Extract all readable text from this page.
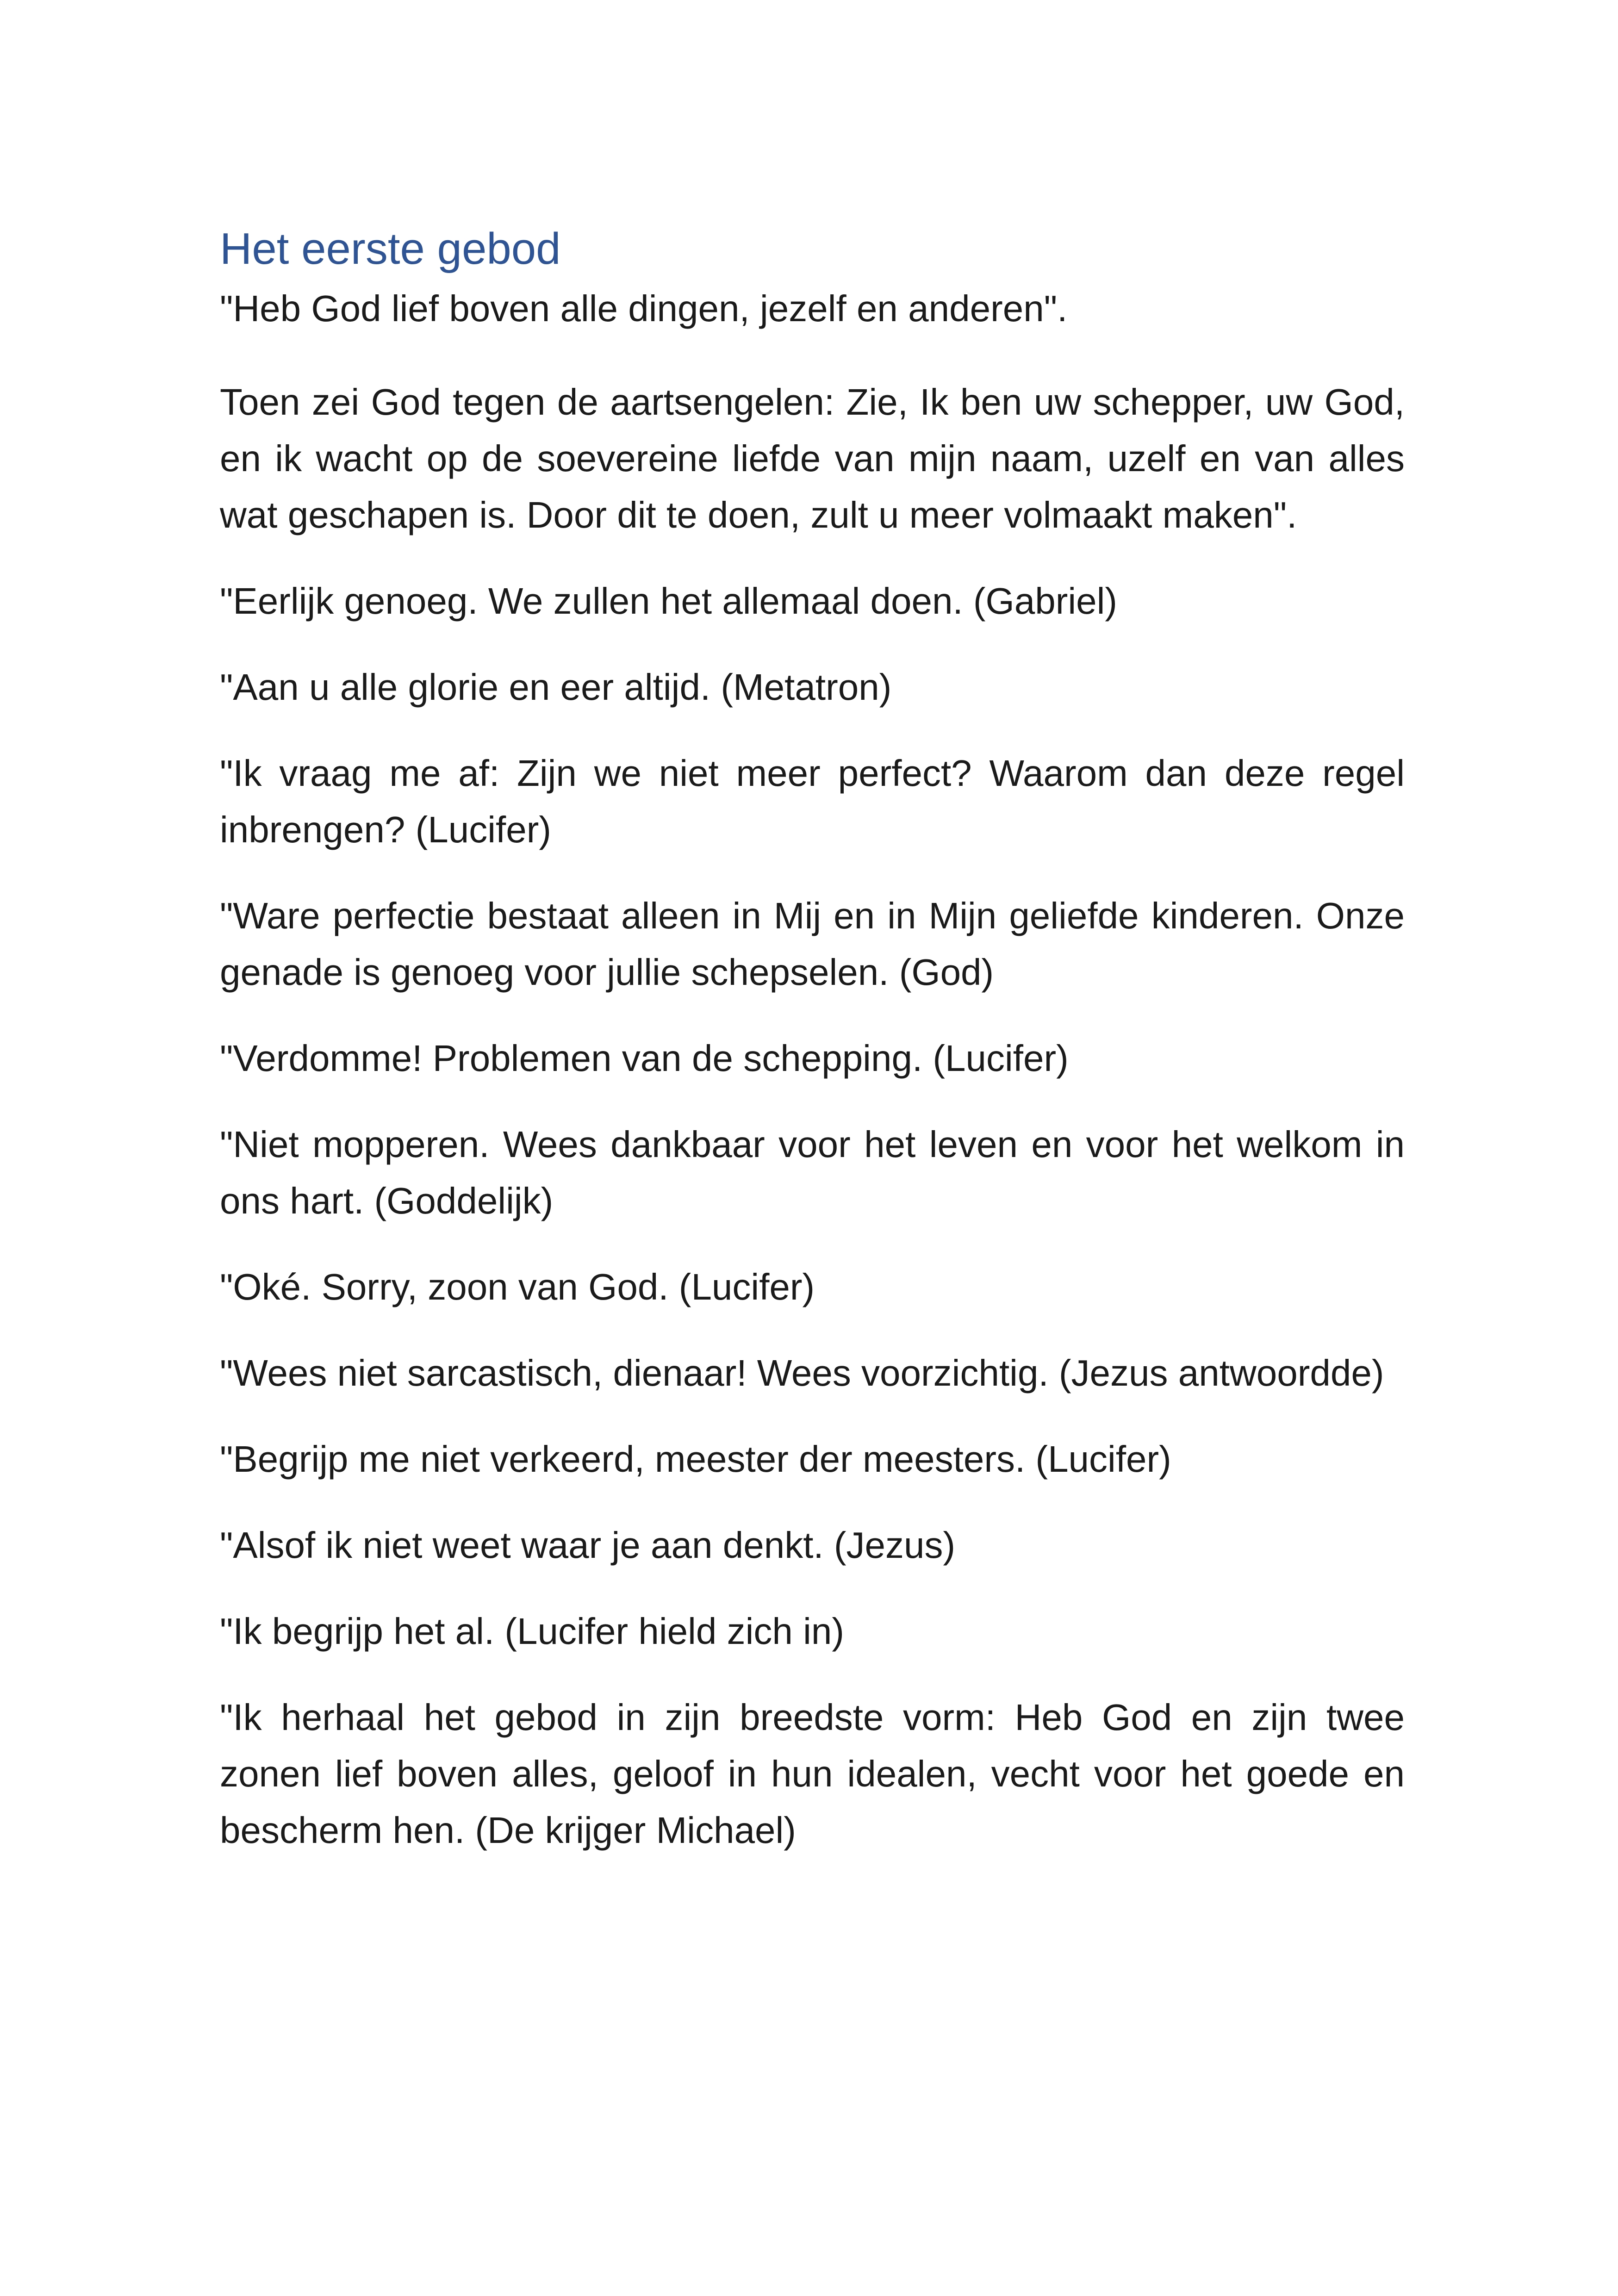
Het eerste gebod

"Heb God lief boven alle dingen, jezelf en anderen".

Toen zei God tegen de aartsengelen: Zie, Ik ben uw schepper, uw God, en ik wacht op de soevereine liefde van mijn naam, uzelf en van alles wat geschapen is. Door dit te doen, zult u meer volmaakt maken".

"Eerlijk genoeg. We zullen het allemaal doen. (Gabriel)

"Aan u alle glorie en eer altijd. (Metatron)

"Ik vraag me af: Zijn we niet meer perfect? Waarom dan deze regel inbrengen? (Lucifer)

"Ware perfectie bestaat alleen in Mij en in Mijn geliefde kinderen. Onze genade is genoeg voor jullie schepselen. (God)

"Verdomme! Problemen van de schepping. (Lucifer)

"Niet mopperen. Wees dankbaar voor het leven en voor het welkom in ons hart. (Goddelijk)

"Oké. Sorry, zoon van God. (Lucifer)

"Wees niet sarcastisch, dienaar! Wees voorzichtig. (Jezus antwoordde)

"Begrijp me niet verkeerd, meester der meesters. (Lucifer)

"Alsof ik niet weet waar je aan denkt. (Jezus)

"Ik begrijp het al. (Lucifer hield zich in)

"Ik herhaal het gebod in zijn breedste vorm: Heb God en zijn twee zonen lief boven alles, geloof in hun idealen, vecht voor het goede en bescherm hen. (De krijger Michael)
